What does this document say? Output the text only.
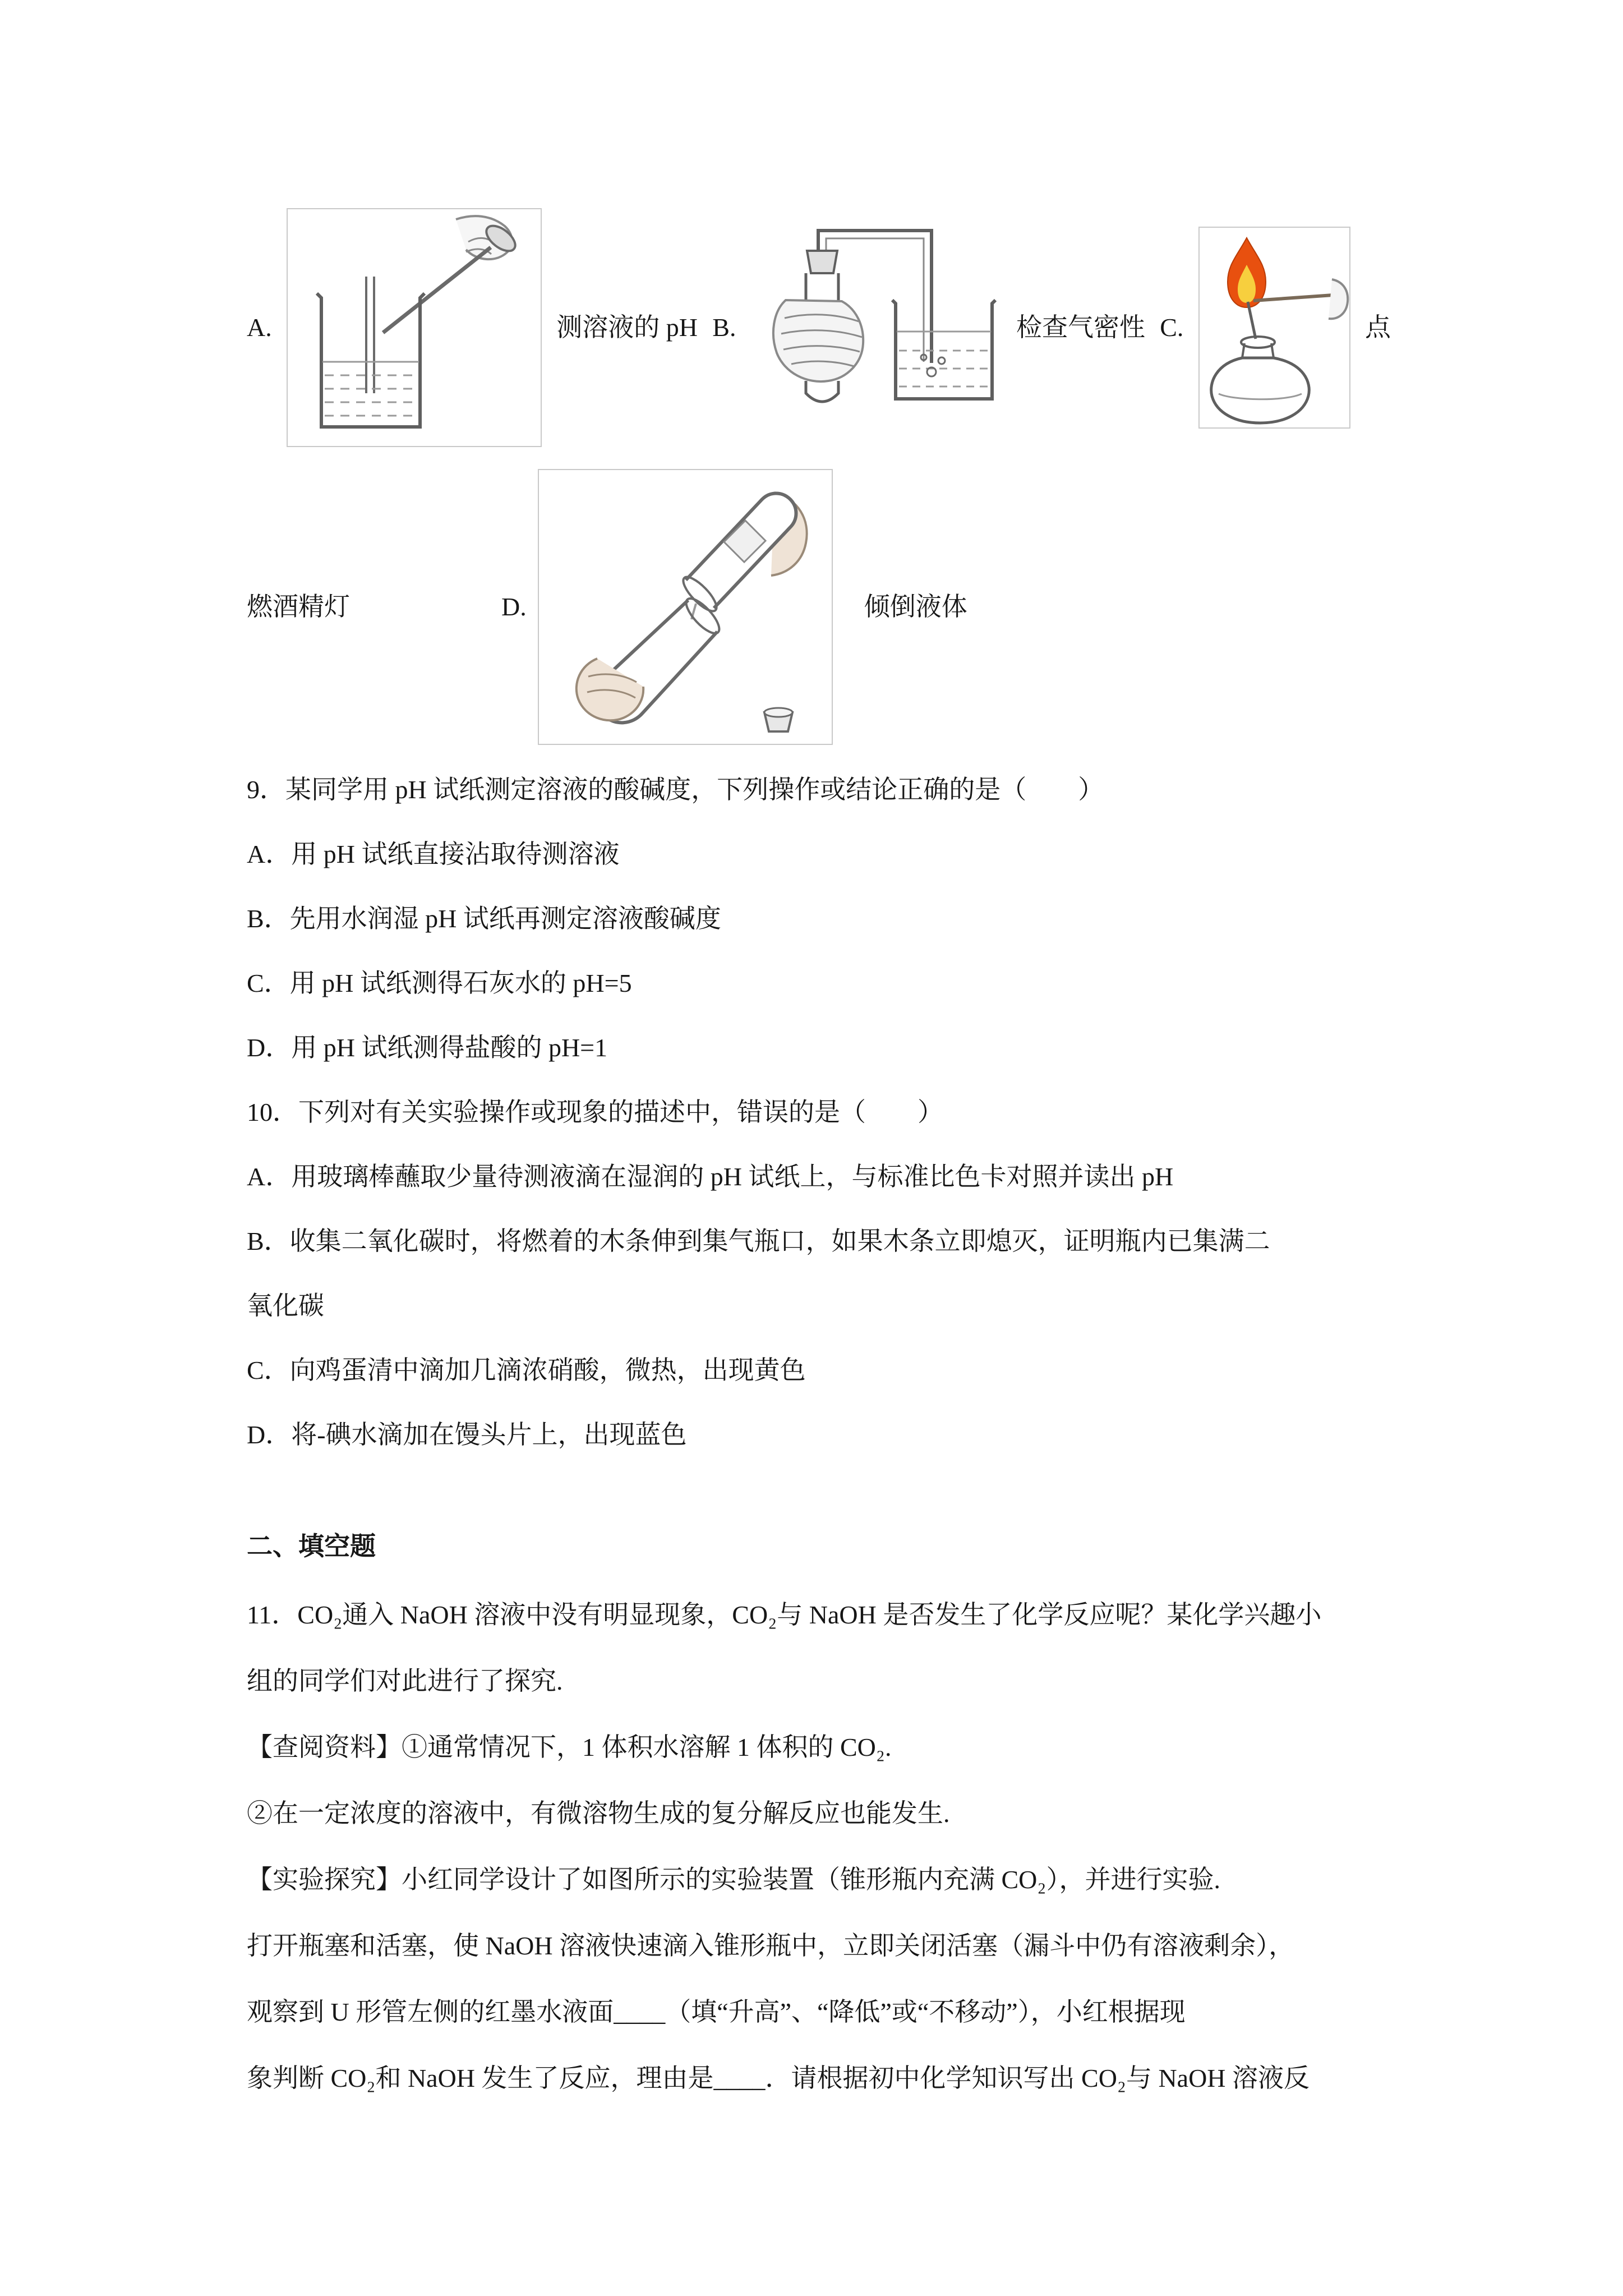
A.	测溶液的 pH B.	检查气密性 C.	点
燃酒精灯	D.	倾倒液体
9．某同学用 pH 试纸测定溶液的酸碱度，下列操作或结论正确的是（　　）
A．用 pH 试纸直接沾取待测溶液
B．先用水润湿 pH 试纸再测定溶液酸碱度
C．用 pH 试纸测得石灰水的 pH=5
D．用 pH 试纸测得盐酸的 pH=1
10．下列对有关实验操作或现象的描述中，错误的是（　　）
A．用玻璃棒蘸取少量待测液滴在湿润的 pH 试纸上，与标准比色卡对照并读出 pH
B．收集二氧化碳时，将燃着的木条伸到集气瓶口，如果木条立即熄灭，证明瓶内已集满二
氧化碳
C．向鸡蛋清中滴加几滴浓硝酸，微热，出现黄色
D．将-碘水滴加在馒头片上，出现蓝色
二、填空题
11．CO₂通入 NaOH 溶液中没有明显现象，CO₂与 NaOH 是否发生了化学反应呢？某化学兴趣小
组的同学们对此进行了探究.
【查阅资料】①通常情况下，1 体积水溶解 1 体积的 CO₂.
②在一定浓度的溶液中，有微溶物生成的复分解反应也能发生.
【实验探究】小红同学设计了如图所示的实验装置（锥形瓶内充满 CO₂），并进行实验.
打开瓶塞和活塞，使 NaOH 溶液快速滴入锥形瓶中，立即关闭活塞（漏斗中仍有溶液剩余），
观察到 U 形管左侧的红墨水液面____（填“升高”、“降低”或“不移动”），小红根据现
象判断 CO₂和 NaOH 发生了反应，理由是____．请根据初中化学知识写出 CO₂与 NaOH 溶液反
